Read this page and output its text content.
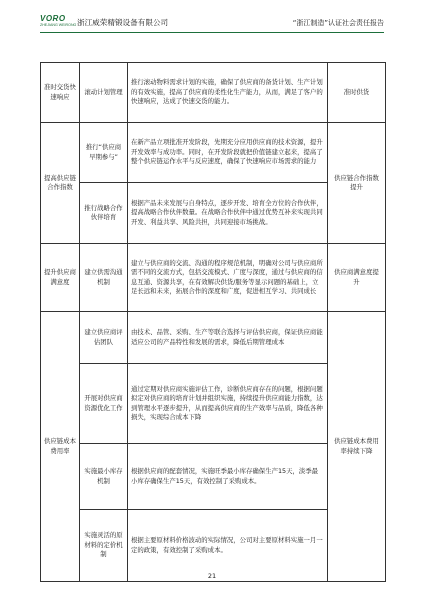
VORO
ZHEJIANG WEIRONG 浙江威荣精锻设备有限公司	“浙江制造”认证社会责任报告
准时交货快速响应	滚动计划管理	推行滚动物料需求计划的实施，确保了供应商的备货计划、生产计划的有效实施，提高了供应商的柔性化生产能力，从而，满足了客户的快速响应，达成了快速交货的能力。	准时供货
提高供应链合作指数	推行“供应商早期参与”	在新产品立项批准开发阶段，先期充分应用供应商的技术资源，提升开发效率与成功率。同时，在开发阶段就把价值链建立起来，提高了整个供应链运作水平与反应速度，确保了快速响应市场需求的能力	供应链合作指数提升
	推行战略合作伙伴培育	根据产品未来发展与自身特点，逐步开发、培育全方位的合作伙伴，提高战略合作伙伴数量。在战略合作伙伴中通过优势互补来实现共同开发、利益共享、风险共担，共同迎接市场挑战。	
提升供应商满意度	建立供需沟通机制	建立与供应商的交流、沟通的程序规范机制，明确对公司与供应商所需不同的交流方式，包括交流模式、广度与深度，通过与供应商的信息互通、资源共享，在有效解决供货/服务等显示问题的基础上，立足长远和未来，拓展合作的深度和广度，促进相互学习、共同成长	供应商满意度提升
供应链成本费用率	建立供应商评估团队	由技术、品管、采购、生产等联合选择与评估供应商，保证供应商能适应公司的产品特性和发展的需求，降低后期管理成本	供应链成本费用率持续下降
	开展对供应商资源优化工作	通过定期对供应商实施评估工作，诊断供应商存在的问题，根据问题拟定对供应商的培育计划并组织实施，持续提升供应商能力指数，达到管理水平逐步提升，从而提高供应商的生产效率与品质，降低各种损失，实现综合成本下降	
	实施最小库存机制	根据供应商的配套情况，实施旺季最小库存确保生产15天，淡季最小库存确保生产15天，有效控制了采购成本。	
	实施灵活的原材料的定价机制	根据主要原材料价格波动的实际情况，公司对主要原材料实施一月一定的政策，有效控制了采购成本。	
21
